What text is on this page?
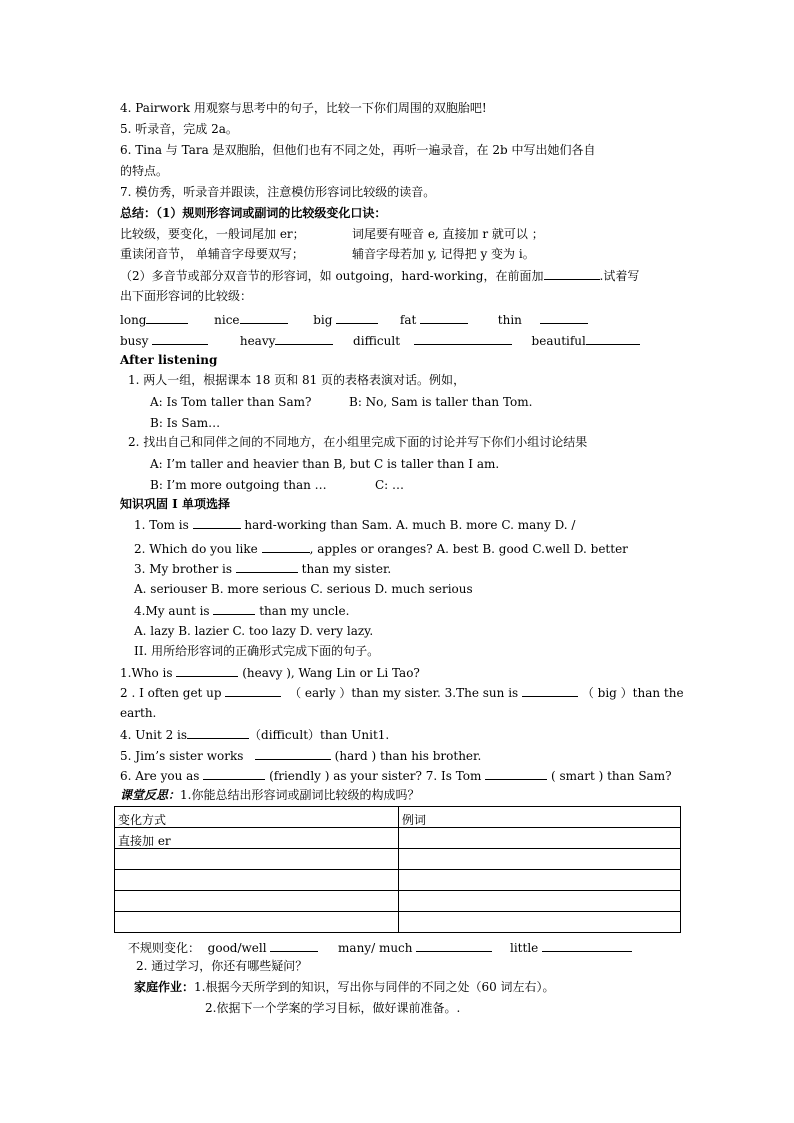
4. Pairwork 用观察与思考中的句子，比较一下你们周围的双胞胎吧!
5. 听录音，完成 2a。
6. Tina 与 Tara 是双胞胎，但他们也有不同之处，再听一遍录音，在 2b 中写出她们各自
的特点。
7. 模仿秀，听录音并跟读，注意模仿形容词比较级的读音。
总结：（1）规则形容词或副词的比较级变化口诀：
比较级，要变化，一般词尾加 er；	词尾要有哑音 e, 直接加 r 就可以 ；
重读闭音节， 单辅音字母要双写；	辅音字母若加 y, 记得把 y 变为 i。
（2）多音节或部分双音节的形容词，如 outgoing，hard-working，在前面加	.试着写
出下面形容词的比较级：
long	nice	big	fat	thin
busy	heavy	difficult	beautiful
After listening
1. 两人一组，根据课本 18 页和 81 页的表格表演对话。例如，
A: Is Tom taller than Sam?	B: No, Sam is taller than Tom.
B: Is Sam…
2. 找出自己和同伴之间的不同地方，在小组里完成下面的讨论并写下你们小组讨论结果
A: I’m taller and heavier than B, but C is taller than I am.
B: I’m more outgoing than …	C: …
知识巩固 I 单项选择
1. Tom is	hard-working than Sam. A. much B. more C. many D. /
2. Which do you like	, apples or oranges? A. best B. good C.well D. better
3. My brother is	than my sister.
A. seriouser B. more serious C. serious D. much serious
4.My aunt is	than my uncle.
A. lazy B. lazier C. too lazy D. very lazy.
II. 用所给形容词的正确形式完成下面的句子。
1.Who is	(heavy ), Wang Lin or Li Tao?
2 . I often get up	（ early ）than my sister. 3.The sun is	（ big ）than the
earth.
4. Unit 2 is	（difficult）than Unit1.
5. Jim’s sister works	(hard ) than his brother.
6. Are you as	(friendly ) as your sister? 7. Is Tom	( smart ) than Sam?
课堂反思：1.你能总结出形容词或副词比较级的构成吗？
变化方式	例词
直接加 er	

不规则变化： good/well	many/ much	little
2. 通过学习，你还有哪些疑问？
家庭作业：1.根据今天所学到的知识，写出你与同伴的不同之处（60 词左右）。
2.依据下一个学案的学习目标，做好课前准备。.
